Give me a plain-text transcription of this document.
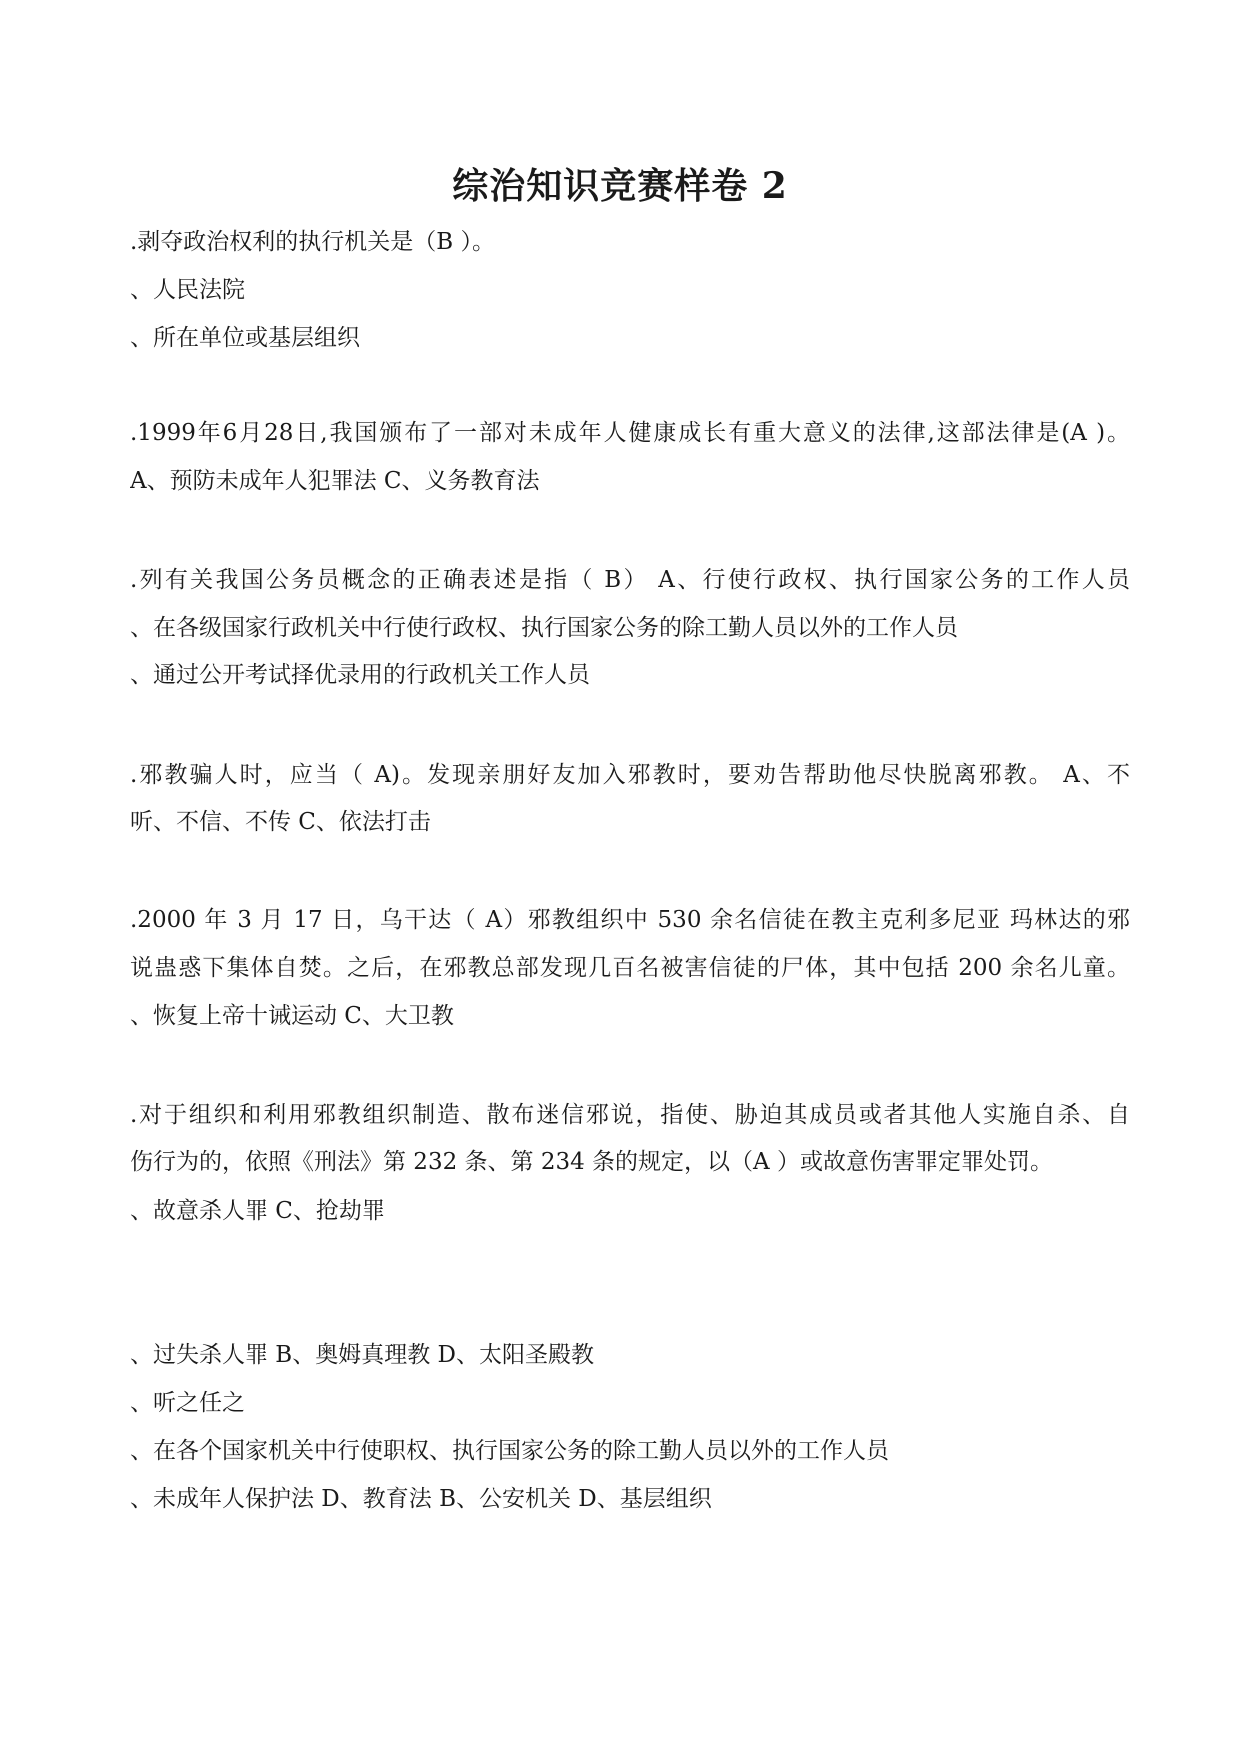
综治知识竞赛样卷 2
.剥夺政治权利的执行机关是（B ）。
、人民法院
、所在单位或基层组织
.1999年6月28日,我国颁布了一部对未成年人健康成长有重大意义的法律,这部法律是(A )。
A、预防未成年人犯罪法 C、义务教育法
.列有关我国公务员概念的正确表述是指（ B） A、行使行政权、执行国家公务的工作人员
、在各级国家行政机关中行使行政权、执行国家公务的除工勤人员以外的工作人员
、通过公开考试择优录用的行政机关工作人员
.邪教骗人时，应当（ A)。发现亲朋好友加入邪教时，要劝告帮助他尽快脱离邪教。 A、不
听、不信、不传 C、依法打击
.2000 年 3 月 17 日，乌干达（ A）邪教组织中 530 余名信徒在教主克利多尼亚 玛林达的邪
说蛊惑下集体自焚。之后，在邪教总部发现几百名被害信徒的尸体，其中包括 200 余名儿童。
、恢复上帝十诫运动 C、大卫教
.对于组织和利用邪教组织制造、散布迷信邪说，指使、胁迫其成员或者其他人实施自杀、自
伤行为的，依照《刑法》第 232 条、第 234 条的规定，以（A ）或故意伤害罪定罪处罚。
、故意杀人罪 C、抢劫罪
、过失杀人罪 B、奥姆真理教 D、太阳圣殿教
、听之任之
、在各个国家机关中行使职权、执行国家公务的除工勤人员以外的工作人员
、未成年人保护法 D、教育法 B、公安机关 D、基层组织
